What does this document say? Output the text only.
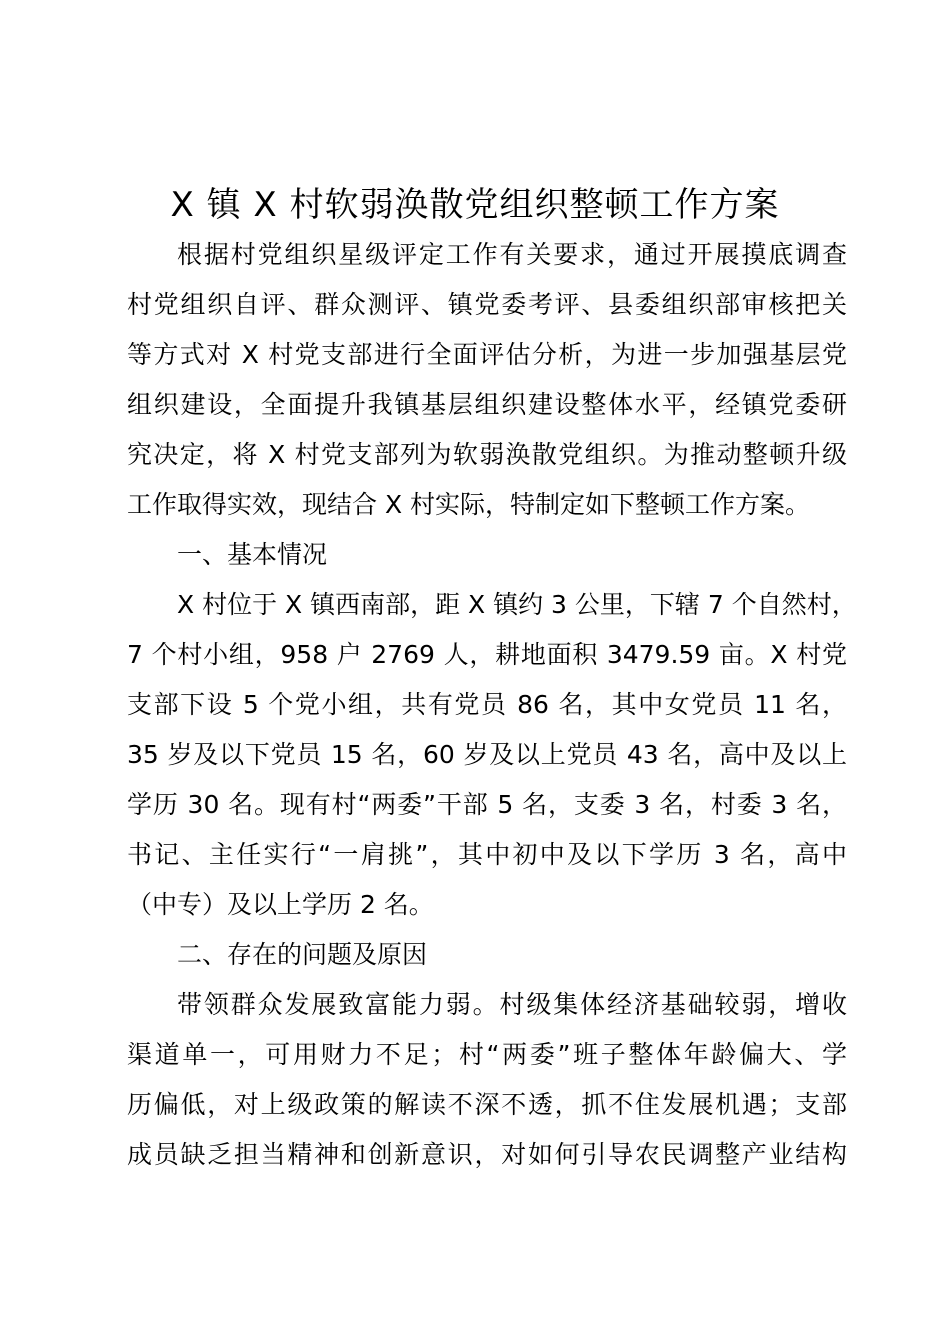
X 镇 X 村软弱涣散党组织整顿工作方案
根据村党组织星级评定工作有关要求，通过开展摸底调查
村党组织自评、群众测评、镇党委考评、县委组织部审核把关
等方式对 X 村党支部进行全面评估分析，为进一步加强基层党
组织建设，全面提升我镇基层组织建设整体水平，经镇党委研
究决定，将 X 村党支部列为软弱涣散党组织。为推动整顿升级
工作取得实效，现结合 X 村实际，特制定如下整顿工作方案。
一、基本情况
X 村位于 X 镇西南部，距 X 镇约 3 公里，下辖 7 个自然村，
7 个村小组，958 户 2769 人，耕地面积 3479.59 亩。X 村党
支部下设 5 个党小组，共有党员 86 名，其中女党员 11 名，
35 岁及以下党员 15 名，60 岁及以上党员 43 名，高中及以上
学历 30 名。现有村“两委”干部 5 名，支委 3 名，村委 3 名，
书记、主任实行“一肩挑”，其中初中及以下学历 3 名，高中
（中专）及以上学历 2 名。
二、存在的问题及原因
带领群众发展致富能力弱。村级集体经济基础较弱，增收
渠道单一，可用财力不足；村“两委”班子整体年龄偏大、学
历偏低，对上级政策的解读不深不透，抓不住发展机遇；支部
成员缺乏担当精神和创新意识，对如何引导农民调整产业结构
